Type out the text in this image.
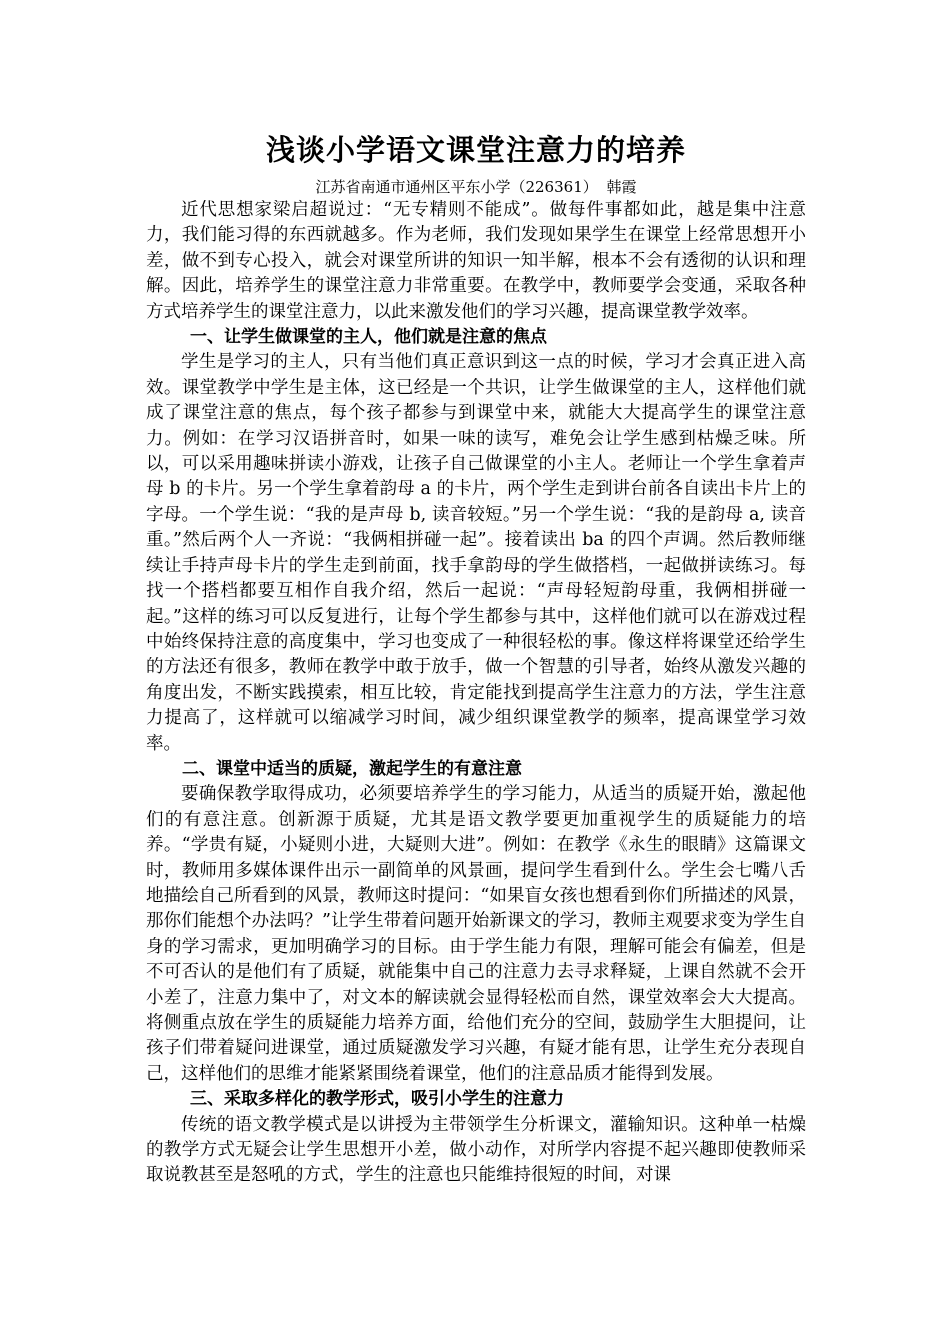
浅谈小学语文课堂注意力的培养
江苏省南通市通州区平东小学（226361） 韩霞

近代思想家梁启超说过：“无专精则不能成”。做每件事都如此，越是集中注意力，我们能习得的东西就越多。作为老师，我们发现如果学生在课堂上经常思想开小差，做不到专心投入，就会对课堂所讲的知识一知半解，根本不会有透彻的认识和理解。因此，培养学生的课堂注意力非常重要。在教学中，教师要学会变通，采取各种方式培养学生的课堂注意力，以此来激发他们的学习兴趣，提高课堂教学效率。

一、让学生做课堂的主人，他们就是注意的焦点

学生是学习的主人，只有当他们真正意识到这一点的时候，学习才会真正进入高效。课堂教学中学生是主体，这已经是一个共识，让学生做课堂的主人，这样他们就成了课堂注意的焦点，每个孩子都参与到课堂中来，就能大大提高学生的课堂注意力。例如：在学习汉语拼音时，如果一味的读写，难免会让学生感到枯燥乏味。所以，可以采用趣味拼读小游戏，让孩子自己做课堂的小主人。老师让一个学生拿着声母 b 的卡片。另一个学生拿着韵母 a 的卡片，两个学生走到讲台前各自读出卡片上的字母。一个学生说：“我的是声母 b, 读音较短。”另一个学生说：“我的是韵母 a, 读音重。”然后两个人一齐说：“我俩相拼碰一起”。接着读出 ba 的四个声调。然后教师继续让手持声母卡片的学生走到前面，找手拿韵母的学生做搭档，一起做拼读练习。每找一个搭档都要互相作自我介绍，然后一起说：“声母轻短韵母重，我俩相拼碰一起。”这样的练习可以反复进行，让每个学生都参与其中，这样他们就可以在游戏过程中始终保持注意的高度集中，学习也变成了一种很轻松的事。像这样将课堂还给学生的方法还有很多，教师在教学中敢于放手，做一个智慧的引导者，始终从激发兴趣的角度出发，不断实践摸索，相互比较，肯定能找到提高学生注意力的方法，学生注意力提高了，这样就可以缩减学习时间，减少组织课堂教学的频率，提高课堂学习效率。

二、课堂中适当的质疑，激起学生的有意注意

要确保教学取得成功，必须要培养学生的学习能力，从适当的质疑开始，激起他们的有意注意。创新源于质疑，尤其是语文教学要更加重视学生的质疑能力的培养。“学贵有疑，小疑则小进，大疑则大进”。例如：在教学《永生的眼睛》这篇课文时，教师用多媒体课件出示一副简单的风景画，提问学生看到什么。学生会七嘴八舌地描绘自己所看到的风景，教师这时提问：“如果盲女孩也想看到你们所描述的风景，那你们能想个办法吗？”让学生带着问题开始新课文的学习，教师主观要求变为学生自身的学习需求，更加明确学习的目标。由于学生能力有限，理解可能会有偏差，但是不可否认的是他们有了质疑，就能集中自己的注意力去寻求释疑，上课自然就不会开小差了，注意力集中了，对文本的解读就会显得轻松而自然，课堂效率会大大提高。将侧重点放在学生的质疑能力培养方面，给他们充分的空间，鼓励学生大胆提问，让孩子们带着疑问进课堂，通过质疑激发学习兴趣，有疑才能有思，让学生充分表现自己，这样他们的思维才能紧紧围绕着课堂，他们的注意品质才能得到发展。

三、采取多样化的教学形式，吸引小学生的注意力

传统的语文教学模式是以讲授为主带领学生分析课文，灌输知识。这种单一枯燥的教学方式无疑会让学生思想开小差，做小动作，对所学内容提不起兴趣即使教师采取说教甚至是怒吼的方式，学生的注意也只能维持很短的时间，对课
